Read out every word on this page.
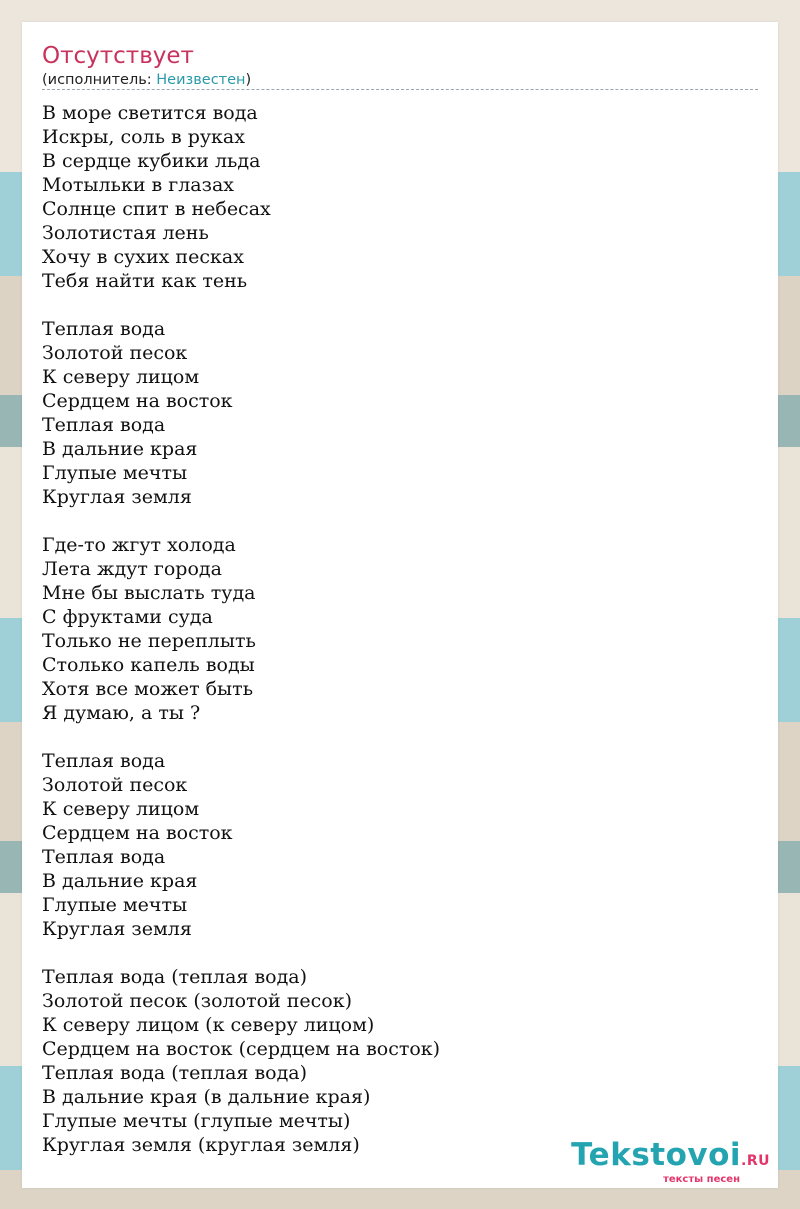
Отсутствует
(исполнитель: Неизвестен)
В море светится вода
Искры, соль в руках
В сердце кубики льда
Мотыльки в глазах
Солнце спит в небесах
Золотистая лень
Хочу в сухих песках
Тебя найти как тень
Теплая вода
Золотой песок
К северу лицом
Сердцем на восток
Теплая вода
В дальние края
Глупые мечты
Круглая земля
Где-то жгут холода
Лета ждут города
Мне бы выслать туда
С фруктами суда
Только не переплыть
Столько капель воды
Хотя все может быть
Я думаю, а ты ?
Теплая вода
Золотой песок
К северу лицом
Сердцем на восток
Теплая вода
В дальние края
Глупые мечты
Круглая земля
Теплая вода (теплая вода)
Золотой песок (золотой песок)
К северу лицом (к северу лицом)
Сердцем на восток (сердцем на восток)
Теплая вода (теплая вода)
В дальние края (в дальние края)
Глупые мечты (глупые мечты)
Круглая земля (круглая земля)	Tekstovoi.RU
тексты песен
